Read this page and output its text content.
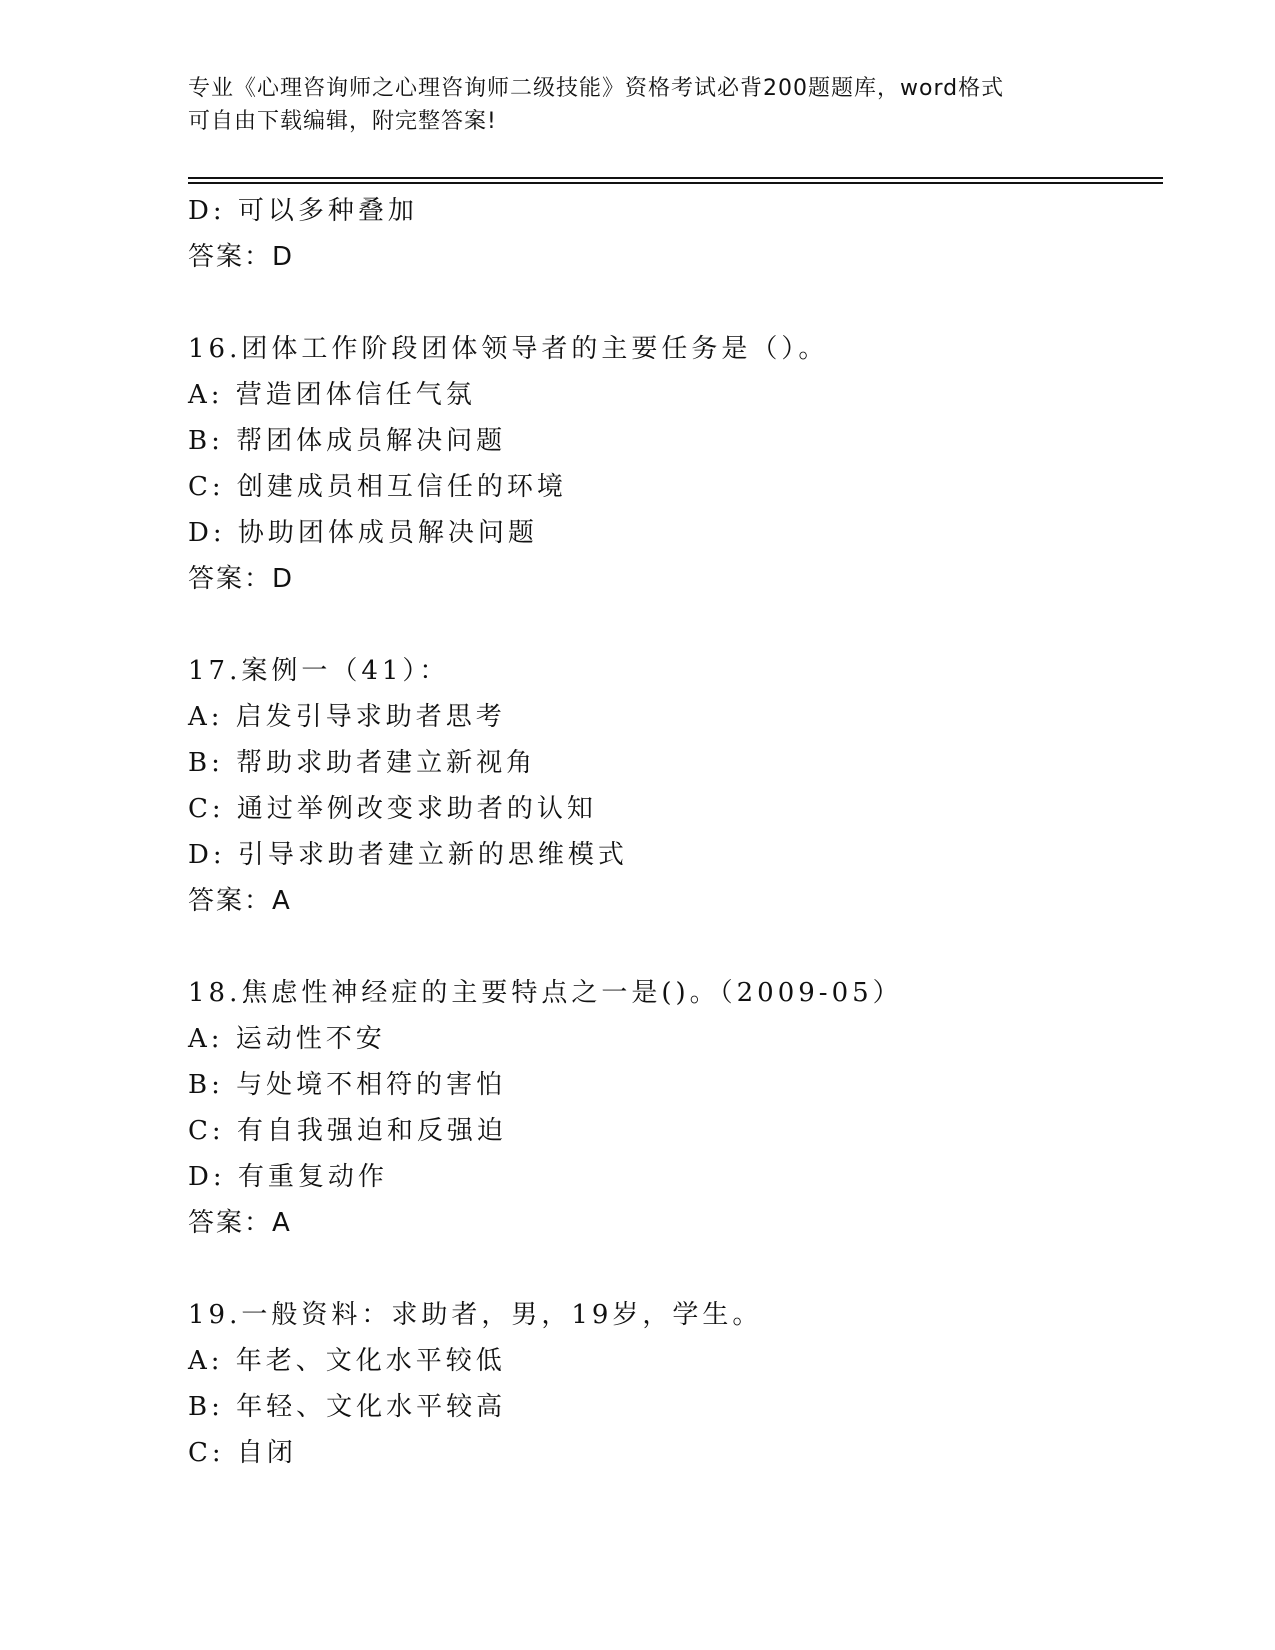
专业《心理咨询师之心理咨询师二级技能》资格考试必背200题题库，word格式
可自由下载编辑，附完整答案!
D: 可以多种叠加
答案：D
16.团体工作阶段团体领导者的主要任务是（）。
A: 营造团体信任气氛
B: 帮团体成员解决问题
C: 创建成员相互信任的环境
D: 协助团体成员解决问题
答案：D
17.案例一（41）：
A: 启发引导求助者思考
B: 帮助求助者建立新视角
C: 通过举例改变求助者的认知
D: 引导求助者建立新的思维模式
答案：A
18.焦虑性神经症的主要特点之一是()。（2009-05）
A: 运动性不安
B: 与处境不相符的害怕
C: 有自我强迫和反强迫
D: 有重复动作
答案：A
19.一般资料：求助者，男，19岁，学生。
A: 年老、文化水平较低
B: 年轻、文化水平较高
C: 自闭
